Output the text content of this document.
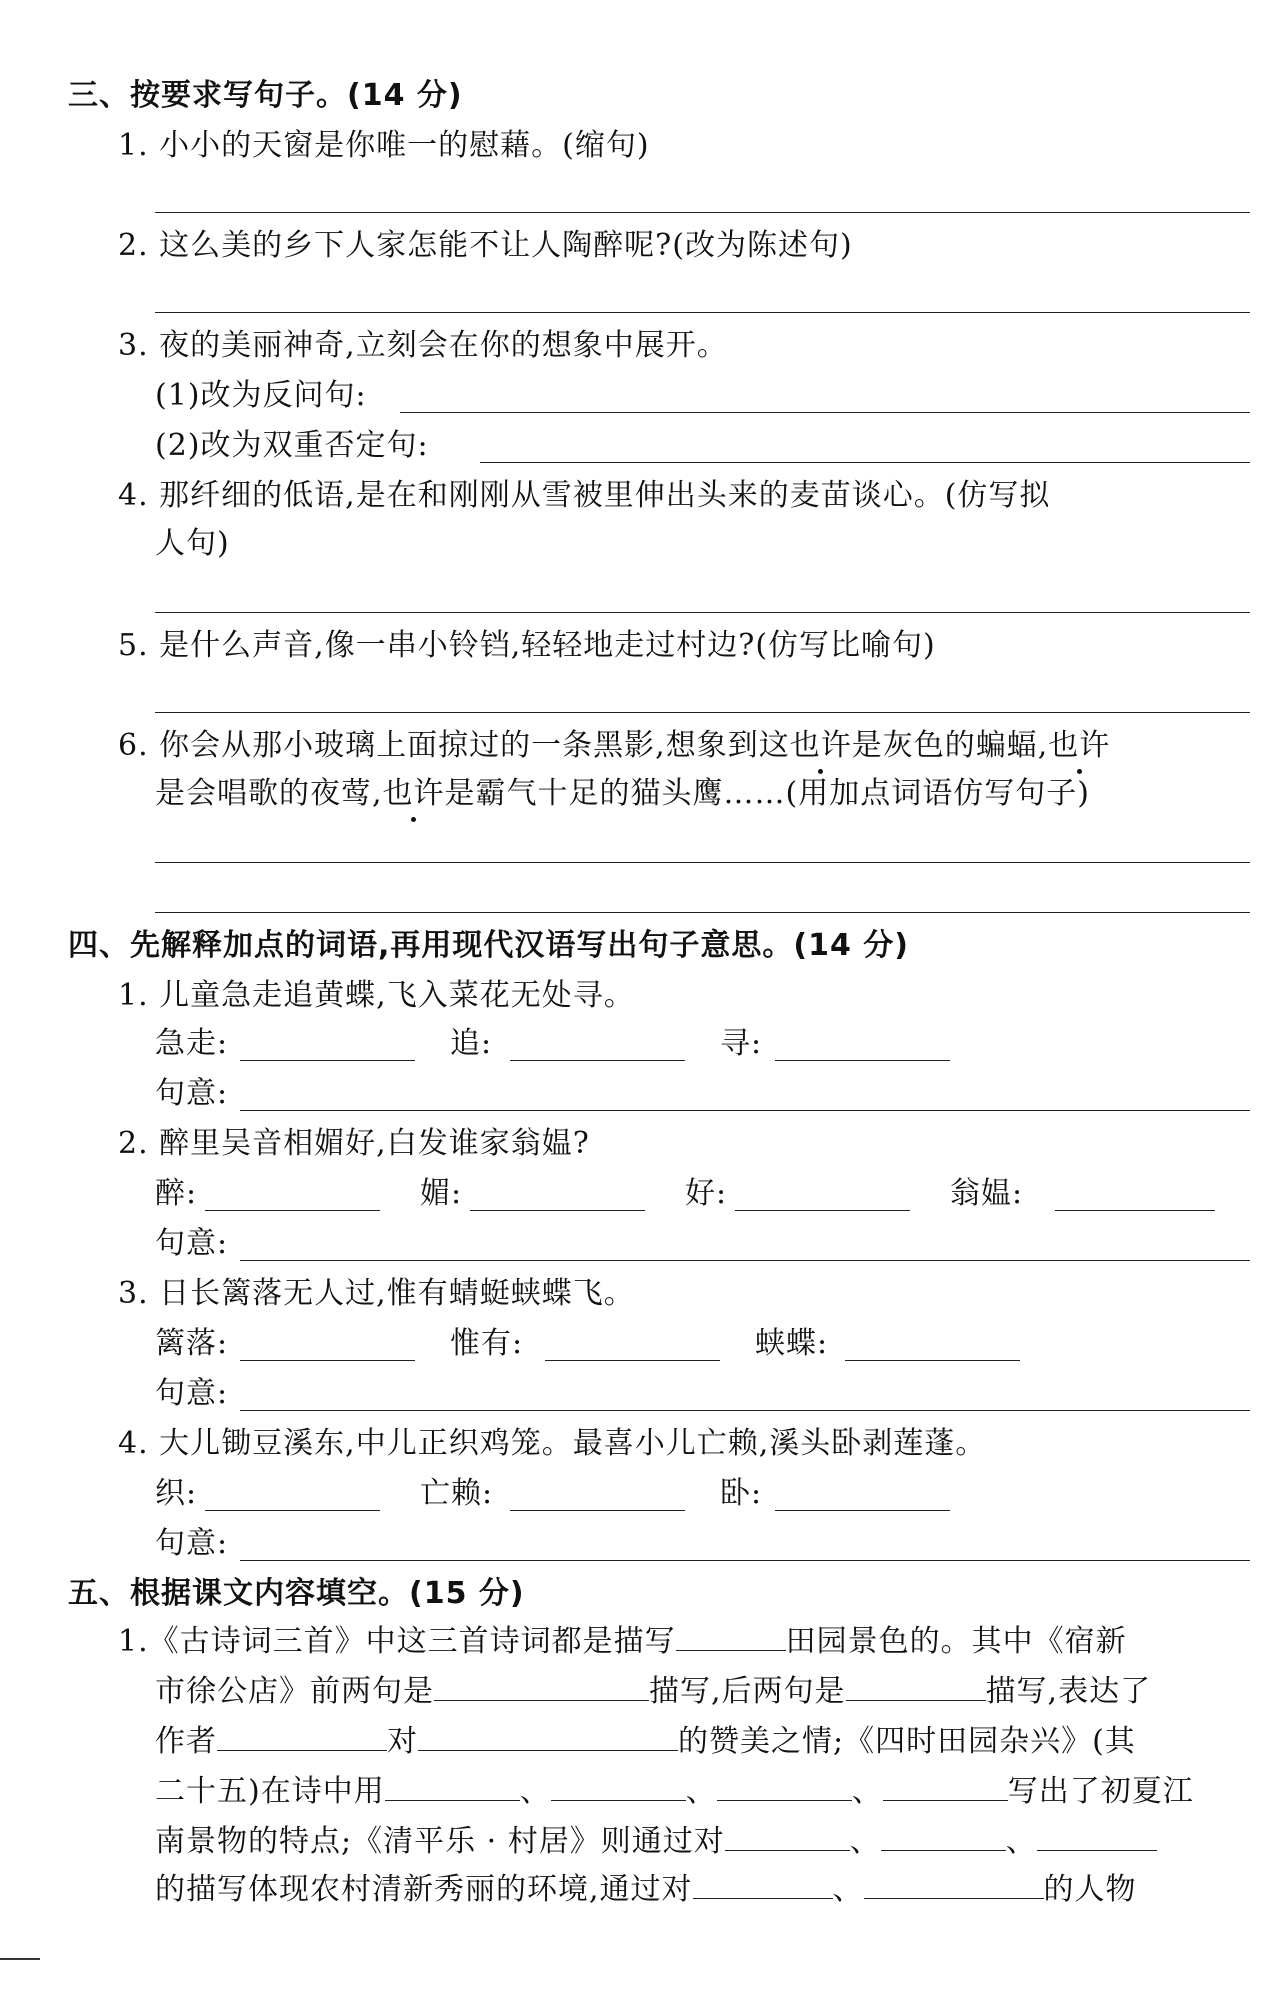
三、按要求写句子。(14 分)
1. 小小的天窗是你唯一的慰藉。(缩句)
2. 这么美的乡下人家怎能不让人陶醉呢?(改为陈述句)
3. 夜的美丽神奇,立刻会在你的想象中展开。
(1)改为反问句:
(2)改为双重否定句:
4. 那纤细的低语,是在和刚刚从雪被里伸出头来的麦苗谈心。(仿写拟
人句)
5. 是什么声音,像一串小铃铛,轻轻地走过村边?(仿写比喻句)
6. 你会从那小玻璃上面掠过的一条黑影,想象到这也许是灰色的蝙蝠,也许
是会唱歌的夜莺,也许是霸气十足的猫头鹰……(用加点词语仿写句子)
四、先解释加点的词语,再用现代汉语写出句子意思。(14 分)
1. 儿童急走追黄蝶,飞入菜花无处寻。
急走:	追:	寻:
句意:
2. 醉里吴音相媚好,白发谁家翁媪?
醉:	媚:	好:	翁媪:
句意:
3. 日长篱落无人过,惟有蜻蜓蛱蝶飞。
篱落:	惟有:	蛱蝶:
句意:
4. 大儿锄豆溪东,中儿正织鸡笼。最喜小儿亡赖,溪头卧剥莲蓬。
织:	亡赖:	卧:
句意:
五、根据课文内容填空。(15 分)
1.《古诗词三首》中这三首诗词都是描写	田园景色的。其中《宿新
市徐公店》前两句是	描写,后两句是	描写,表达了
作者	对	的赞美之情;《四时田园杂兴》(其
二十五)在诗中用	、	、	、	写出了初夏江
南景物的特点;《清平乐 · 村居》则通过对	、	、
的描写体现农村清新秀丽的环境,通过对	、	的人物
